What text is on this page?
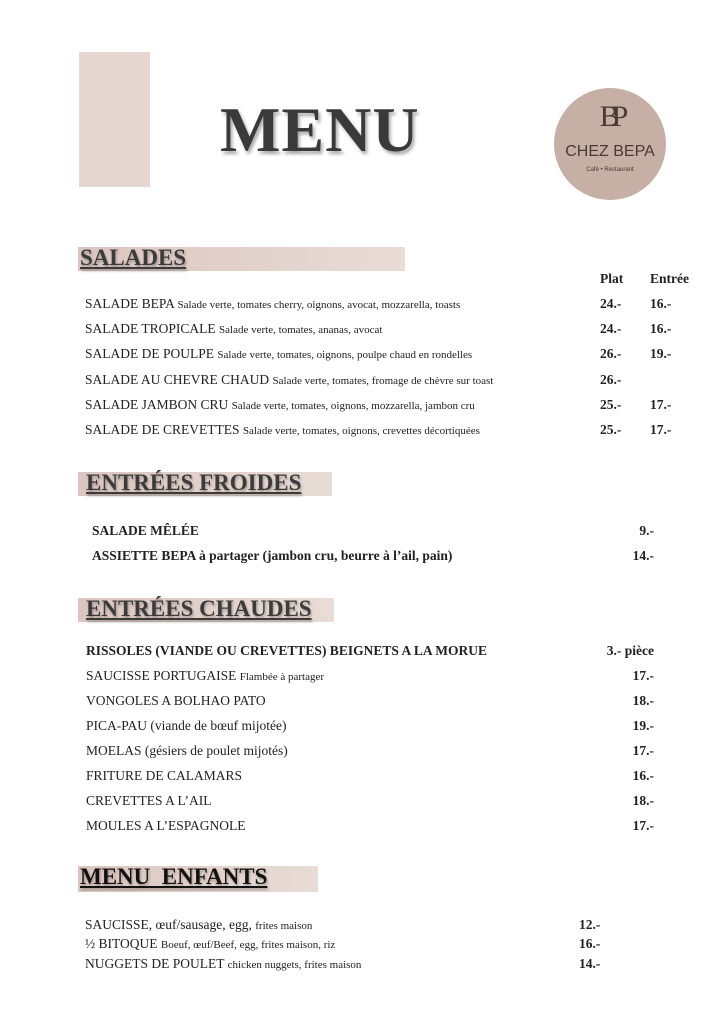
MENU	BP
CHEZ BEPA
Café • Restaurant
SALADES
Plat Entrée
ENTRÉES FROIDES
ENTRÉES CHAUDES
MENU  ENFANTS
SALADE BEPA Salade verte, tomates cherry, oignons, avocat, mozzarella, toasts	24.- 16.-
SALADE TROPICALE Salade verte, tomates, ananas, avocat	24.- 16.-
SALADE DE POULPE Salade verte, tomates, oignons, poulpe chaud en rondelles	26.- 19.-
SALADE AU CHEVRE CHAUD Salade verte, tomates, fromage de chèvre sur toast	26.-
SALADE JAMBON CRU Salade verte, tomates, oignons, mozzarella, jambon cru	25.- 17.-
SALADE DE CREVETTES Salade verte, tomates, oignons, crevettes décortiquées	25.- 17.-
SALADE MÊLÉE	9.-
ASSIETTE BEPA à partager (jambon cru, beurre à l’ail, pain)	14.-
RISSOLES (VIANDE OU CREVETTES) BEIGNETS A LA MORUE	3.- pièce
SAUCISSE PORTUGAISE Flambée à partager	17.-
VONGOLES A BOLHAO PATO	18.-
PICA-PAU (viande de bœuf mijotée)	19.-
MOELAS (gésiers de poulet mijotés)	17.-
FRITURE DE CALAMARS	16.-
CREVETTES A L’AIL	18.-
MOULES A L’ESPAGNOLE	17.-
SAUCISSE, œuf/sausage, egg, frites maison	12.-
½ BITOQUE Boeuf, œuf/Beef, egg, frites maison, riz	16.-
NUGGETS DE POULET chicken nuggets, frites maison	14.-
